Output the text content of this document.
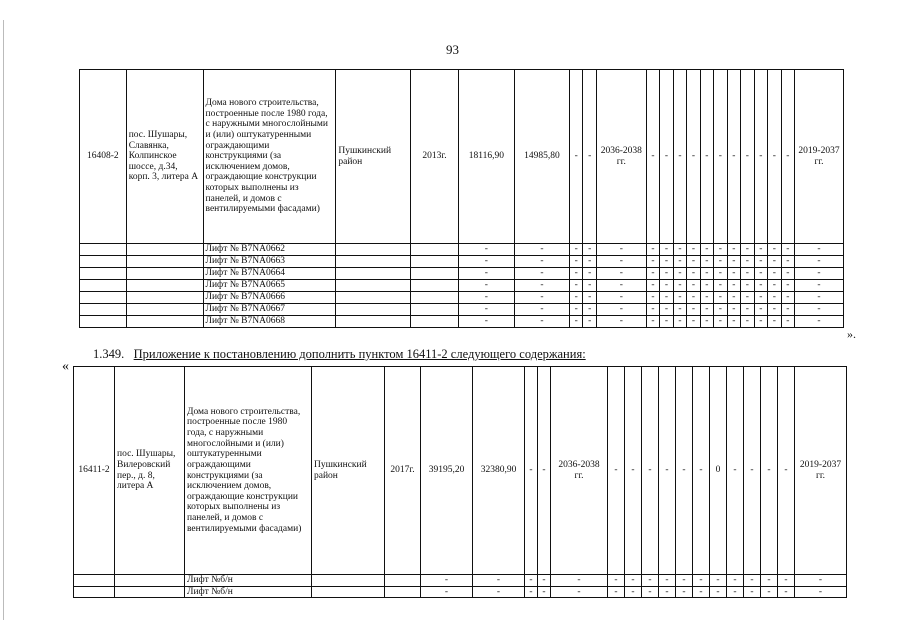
93
16408-2	пос. Шушары, Славянка, Колпинское шоссе, д.34, корп. 3, литера А	Дома нового строительства, построенные после 1980 года, с наружными многослойными и (или) оштукатуренными ограждающими конструкциями (за исключением домов, ограждающие конструкции которых выполнены из панелей, и домов с вентилируемыми фасадами)	Пушкинский район	2013г.	18116,90	14985,80	-	-	2036-2038 гг.	-	-	-	-	-	-	-	-	-	-	-	2019-2037 гг.
		Лифт № B7NA0662			-	-	-	-	-	-	-	-	-	-	-	-	-	-	-	-	-
		Лифт № B7NA0663			-	-	-	-	-	-	-	-	-	-	-	-	-	-	-	-	-
		Лифт № B7NA0664			-	-	-	-	-	-	-	-	-	-	-	-	-	-	-	-	-
		Лифт № B7NA0665			-	-	-	-	-	-	-	-	-	-	-	-	-	-	-	-	-
		Лифт № B7NA0666			-	-	-	-	-	-	-	-	-	-	-	-	-	-	-	-	-
		Лифт № B7NA0667			-	-	-	-	-	-	-	-	-	-	-	-	-	-	-	-	-
		Лифт № B7NA0668			-	-	-	-	-	-	-	-	-	-	-	-	-	-	-	-	-
».
1.349. Приложение к постановлению дополнить пунктом 16411-2 следующего содержания:
«
16411-2	пос. Шушары, Вилеровский пер., д. 8, литера А	Дома нового строительства, построенные после 1980 года, с наружными многослойными и (или) оштукатуренными ограждающими конструкциями (за исключением домов, ограждающие конструкции которых выполнены из панелей, и домов с вентилируемыми фасадами)	Пушкинский район	2017г.	39195,20	32380,90	-	-	2036-2038 гг.	-	-	-	-	-	-	0	-	-	-	-	2019-2037 гг.
		Лифт №б/н			-	-	-	-	-	-	-	-	-	-	-	-	-	-	-	-	-
		Лифт №б/н			-	-	-	-	-	-	-	-	-	-	-	-	-	-	-	-	-
